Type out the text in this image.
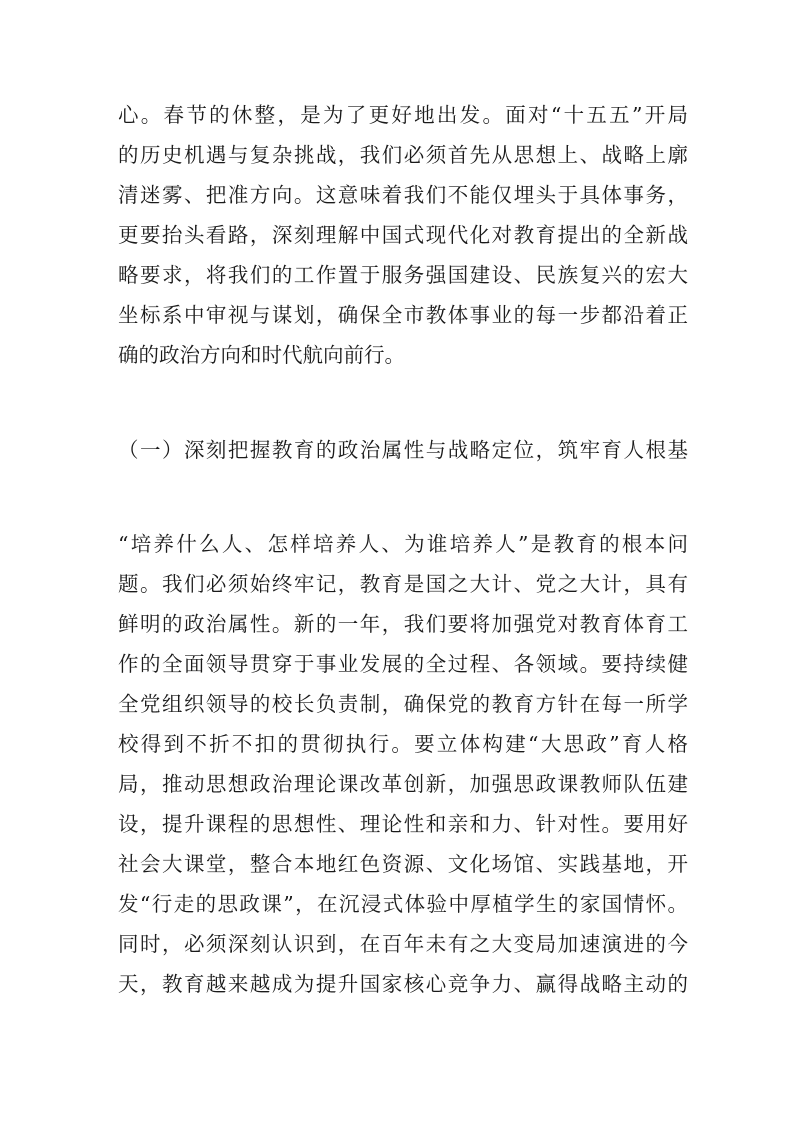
心。春节的休整，是为了更好地出发。面对“十五五”开局
的历史机遇与复杂挑战，我们必须首先从思想上、战略上廓
清迷雾、把准方向。这意味着我们不能仅埋头于具体事务，
更要抬头看路，深刻理解中国式现代化对教育提出的全新战
略要求，将我们的工作置于服务强国建设、民族复兴的宏大
坐标系中审视与谋划，确保全市教体事业的每一步都沿着正
确的政治方向和时代航向前行。
（一）深刻把握教育的政治属性与战略定位，筑牢育人根基
“培养什么人、怎样培养人、为谁培养人”是教育的根本问
题。我们必须始终牢记，教育是国之大计、党之大计，具有
鲜明的政治属性。新的一年，我们要将加强党对教育体育工
作的全面领导贯穿于事业发展的全过程、各领域。要持续健
全党组织领导的校长负责制，确保党的教育方针在每一所学
校得到不折不扣的贯彻执行。要立体构建“大思政”育人格
局，推动思想政治理论课改革创新，加强思政课教师队伍建
设，提升课程的思想性、理论性和亲和力、针对性。要用好
社会大课堂，整合本地红色资源、文化场馆、实践基地，开
发“行走的思政课”，在沉浸式体验中厚植学生的家国情怀。
同时，必须深刻认识到，在百年未有之大变局加速演进的今
天，教育越来越成为提升国家核心竞争力、赢得战略主动的
